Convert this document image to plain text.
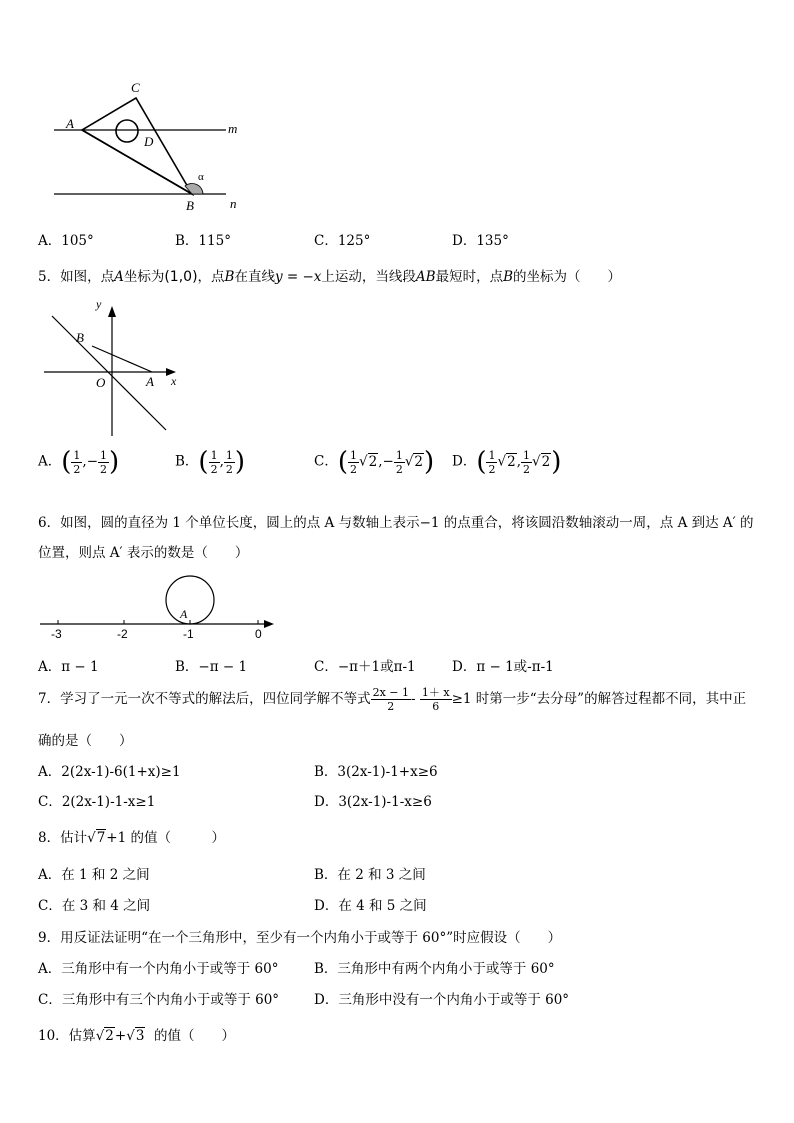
C
A
D
m
α
B	n
A．105°	B．115°	C．125°	D．135°
5．如图，点A坐标为(1,0)，点B在直线y = −x上运动，当线段AB最短时，点B的坐标为（　　）
y
B
O	A x
A．( $\frac{1}{2}$ ,− $\frac{1}{2}$ )	B．( $\frac{1}{2}$ , $\frac{1}{2}$ )	C．( $\frac{1}{2} √2,- \frac{1}{2} √2$) D．( $\frac{1}{2} √2$, $\frac{1}{2} √2$)
6．如图，圆的直径为 1 个单位长度，圆上的点 A 与数轴上表示−1 的点重合，将该圆沿数轴滚动一周，点 A 到达 A′ 的
位置，则点 A′ 表示的数是（　　）
A
-3	-2	-1	0
A．π − 1	B．−π − 1	C．−π＋1或π-1	D．π − 1或-π-1
7．学习了一元一次不等式的解法后，四位同学解不等式 $\frac{2x - 1}{2} - \frac{1+ x}{6} \ge 1$ 时第一步“去分母”的解答过程都不同，其中正
确的是（　　）
A．2(2x-1)-6(1+x)≥1	B．3(2x-1)-1+x≥6
C．2(2x-1)-1-x≥1	D．3(2x-1)-1-x≥6
8．估计√7+1 的值（　　　）
A．在 1 和 2 之间	B．在 2 和 3 之间
C．在 3 和 4 之间	D．在 4 和 5 之间
9．用反证法证明“在一个三角形中，至少有一个内角小于或等于 60°”时应假设（　　）
A．三角形中有一个内角小于或等于 60°	B．三角形中有两个内角小于或等于 60°
C．三角形中有三个内角小于或等于 60°	D．三角形中没有一个内角小于或等于 60°
10．估算√2+√3 的值（　　）
